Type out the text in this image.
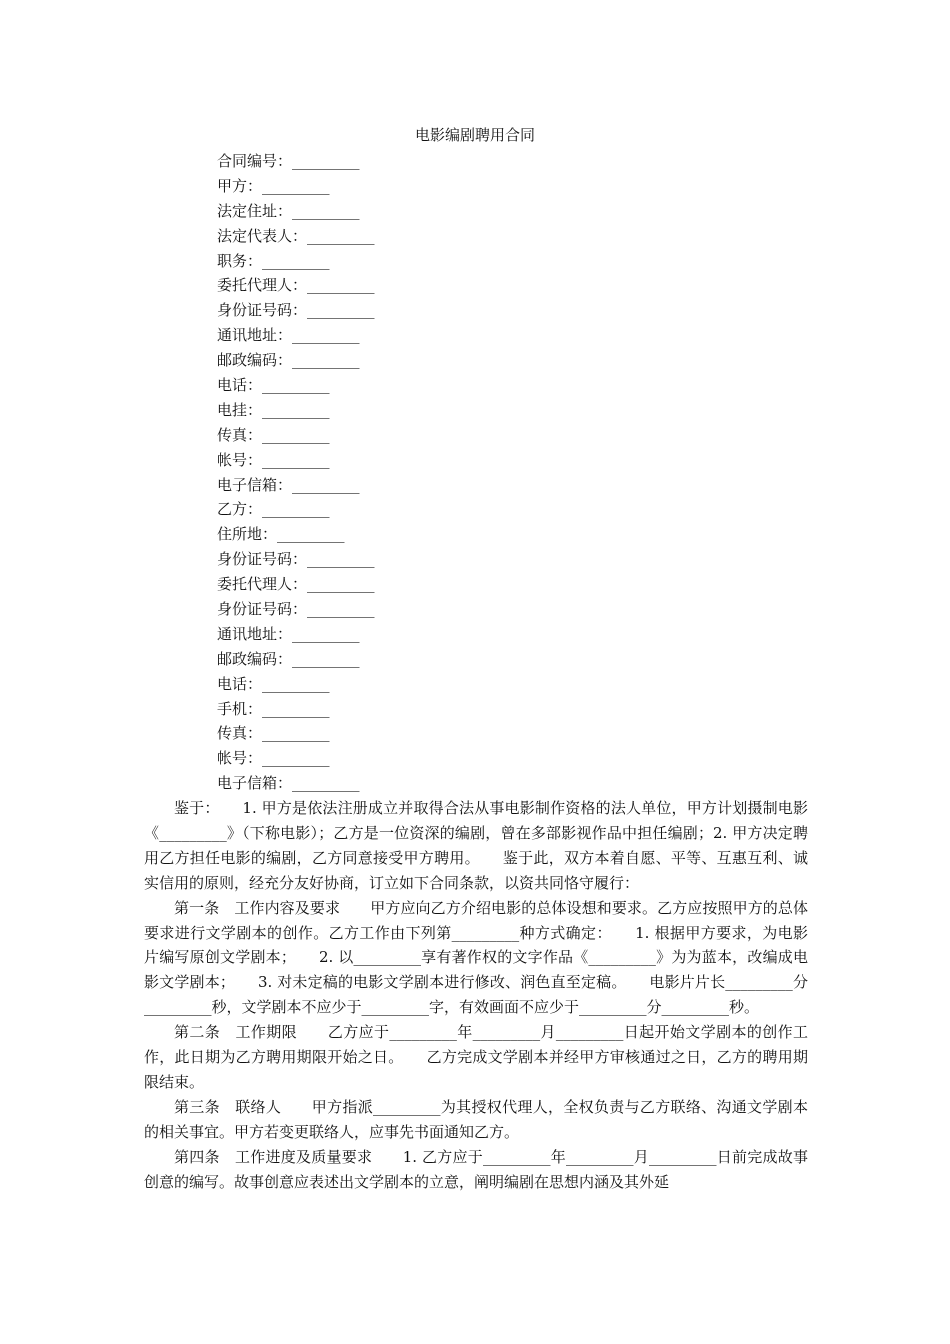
电影编剧聘用合同
合同编号：_________
甲方：_________
法定住址：_________
法定代表人：_________
职务：_________
委托代理人：_________
身份证号码：_________
通讯地址：_________
邮政编码：_________
电话：_________
电挂：_________
传真：_________
帐号：_________
电子信箱：_________
乙方：_________
住所地：_________
身份证号码：_________
委托代理人：_________
身份证号码：_________
通讯地址：_________
邮政编码：_________
电话：_________
手机：_________
传真：_________
帐号：_________
电子信箱：_________

鉴于：　　1. 甲方是依法注册成立并取得合法从事电影制作资格的法人单位，甲方计划摄制电影《_________》（下称电影）；乙方是一位资深的编剧，曾在多部影视作品中担任编剧；2. 甲方决定聘用乙方担任电影的编剧，乙方同意接受甲方聘用。　　鉴于此，双方本着自愿、平等、互惠互利、诚实信用的原则，经充分友好协商，订立如下合同条款，以资共同恪守履行：

第一条　工作内容及要求　　甲方应向乙方介绍电影的总体设想和要求。乙方应按照甲方的总体要求进行文学剧本的创作。乙方工作由下列第_________种方式确定：　　1. 根据甲方要求，为电影片编写原创文学剧本；　　2. 以_________享有著作权的文字作品《_________》为为蓝本，改编成电影文学剧本；　　3. 对未定稿的电影文学剧本进行修改、润色直至定稿。　　电影片片长_________分_________秒，文学剧本不应少于_________字，有效画面不应少于_________分_________秒。

第二条　工作期限　　乙方应于_________年_________月_________日起开始文学剧本的创作工作，此日期为乙方聘用期限开始之日。　　乙方完成文学剧本并经甲方审核通过之日，乙方的聘用期限结束。

第三条　联络人　　甲方指派_________为其授权代理人，全权负责与乙方联络、沟通文学剧本的相关事宜。甲方若变更联络人，应事先书面通知乙方。

第四条　工作进度及质量要求　　1. 乙方应于_________年_________月_________日前完成故事创意的编写。故事创意应表述出文学剧本的立意，阐明编剧在思想内涵及其外延
